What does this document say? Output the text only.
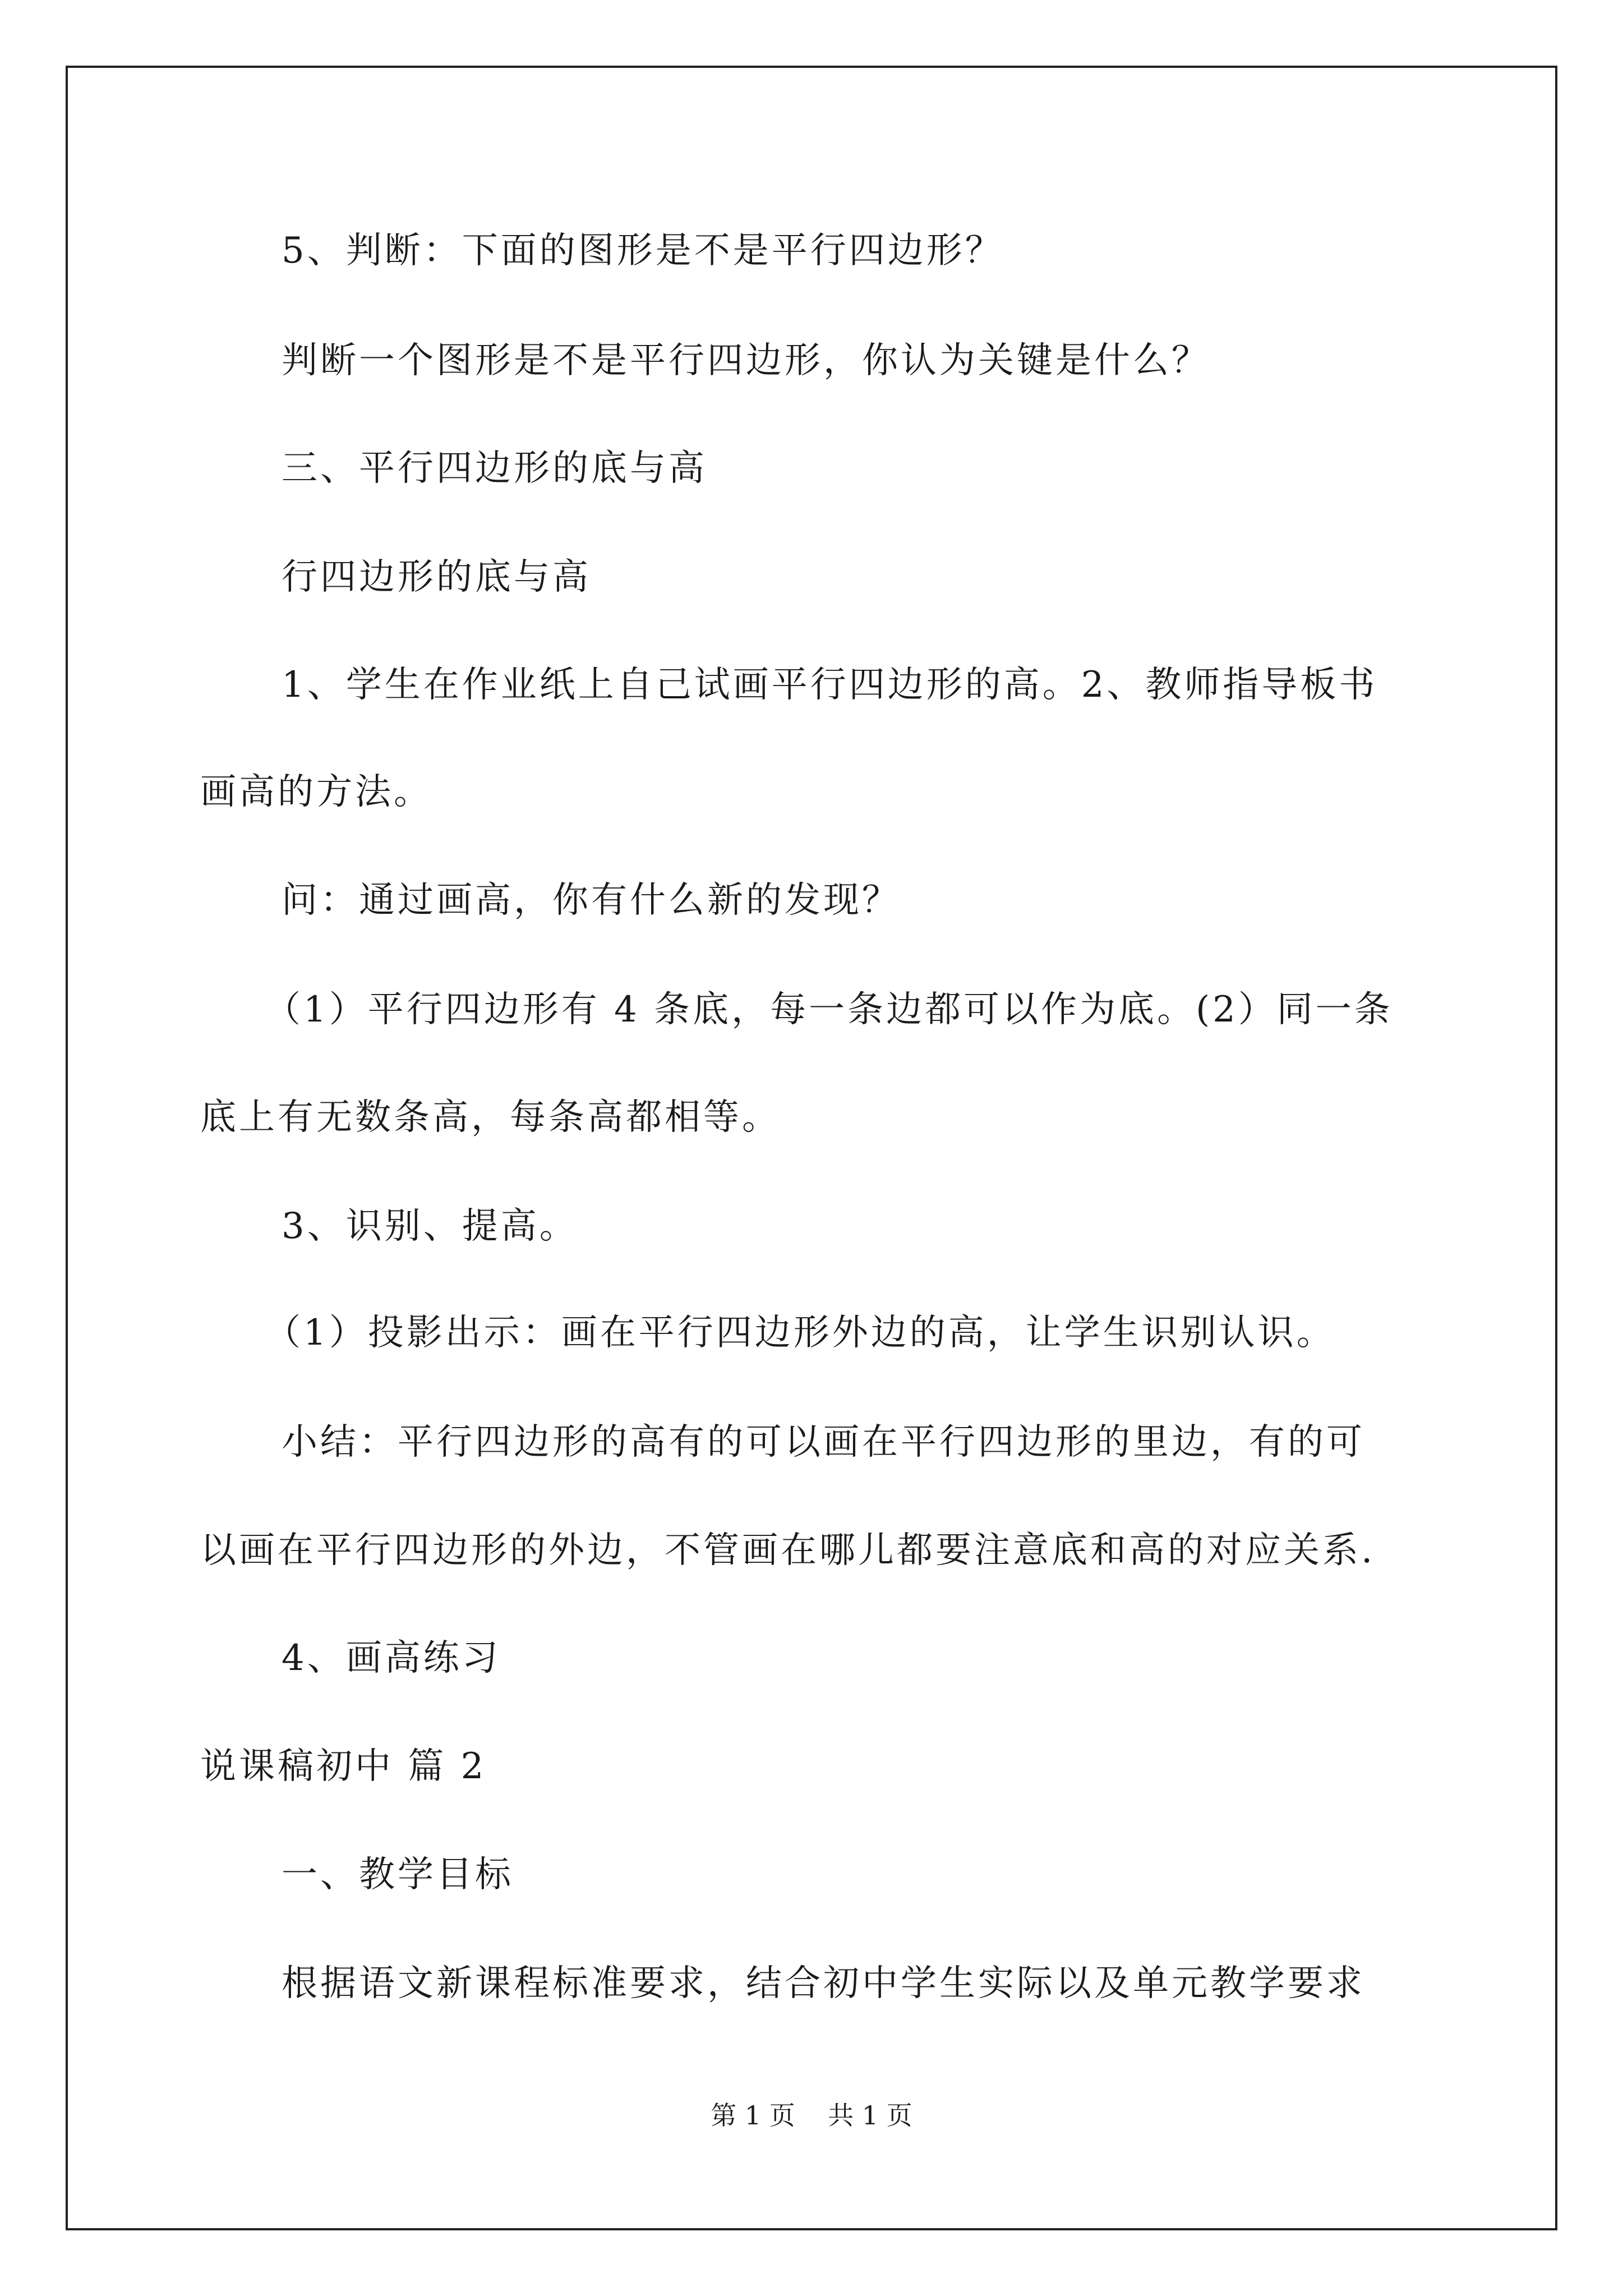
5、判断：下面的图形是不是平行四边形？

判断一个图形是不是平行四边形，你认为关键是什么？

三、平行四边形的底与高

行四边形的底与高

1、学生在作业纸上自己试画平行四边形的高。2、教师指导板书

画高的方法。

问：通过画高，你有什么新的发现？

（1）平行四边形有 4 条底，每一条边都可以作为底。(2）同一条

底上有无数条高，每条高都相等。

3、识别、提高。

（1）投影出示：画在平行四边形外边的高，让学生识别认识。

小结：平行四边形的高有的可以画在平行四边形的里边，有的可

以画在平行四边形的外边，不管画在哪儿都要注意底和高的对应关系.

4、画高练习

说课稿初中 篇 2

一、教学目标

根据语文新课程标准要求，结合初中学生实际以及单元教学要求

第 1 页    共 1 页
